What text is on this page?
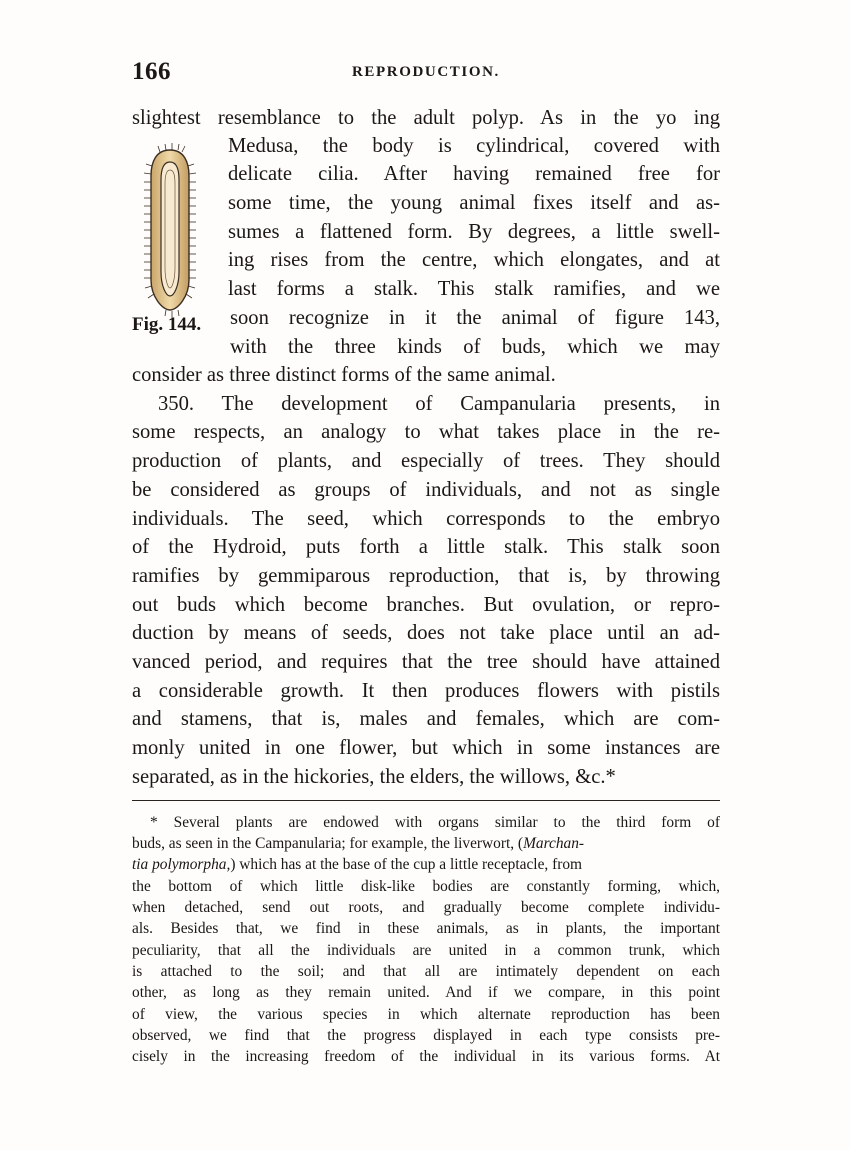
166	REPRODUCTION.
Fig. 144.
slightest resemblance to the adult polyp. As in the yo ing
Medusa, the body is cylindrical, covered with
delicate cilia. After having remained free for
some time, the young animal fixes itself and as-
sumes a flattened form. By degrees, a little swell-
ing rises from the centre, which elongates, and at
last forms a stalk. This stalk ramifies, and we
soon recognize in it the animal of figure 143,
with the three kinds of buds, which we may
consider as three distinct forms of the same animal.
350. The development of Campanularia presents, in
some respects, an analogy to what takes place in the re-
production of plants, and especially of trees. They should
be considered as groups of individuals, and not as single
individuals. The seed, which corresponds to the embryo
of the Hydroid, puts forth a little stalk. This stalk soon
ramifies by gemmiparous reproduction, that is, by throwing
out buds which become branches. But ovulation, or repro-
duction by means of seeds, does not take place until an ad-
vanced period, and requires that the tree should have attained
a considerable growth. It then produces flowers with pistils
and stamens, that is, males and females, which are com-
monly united in one flower, but which in some instances are
separated, as in the hickories, the elders, the willows, &c.*
* Several plants are endowed with organs similar to the third form of
buds, as seen in the Campanularia; for example, the liverwort, (Marchan-
tia polymorpha,) which has at the base of the cup a little receptacle, from
the bottom of which little disk-like bodies are constantly forming, which,
when detached, send out roots, and gradually become complete individu-
als. Besides that, we find in these animals, as in plants, the important
peculiarity, that all the individuals are united in a common trunk, which
is attached to the soil; and that all are intimately dependent on each
other, as long as they remain united. And if we compare, in this point
of view, the various species in which alternate reproduction has been
observed, we find that the progress displayed in each type consists pre-
cisely in the increasing freedom of the individual in its various forms. At
